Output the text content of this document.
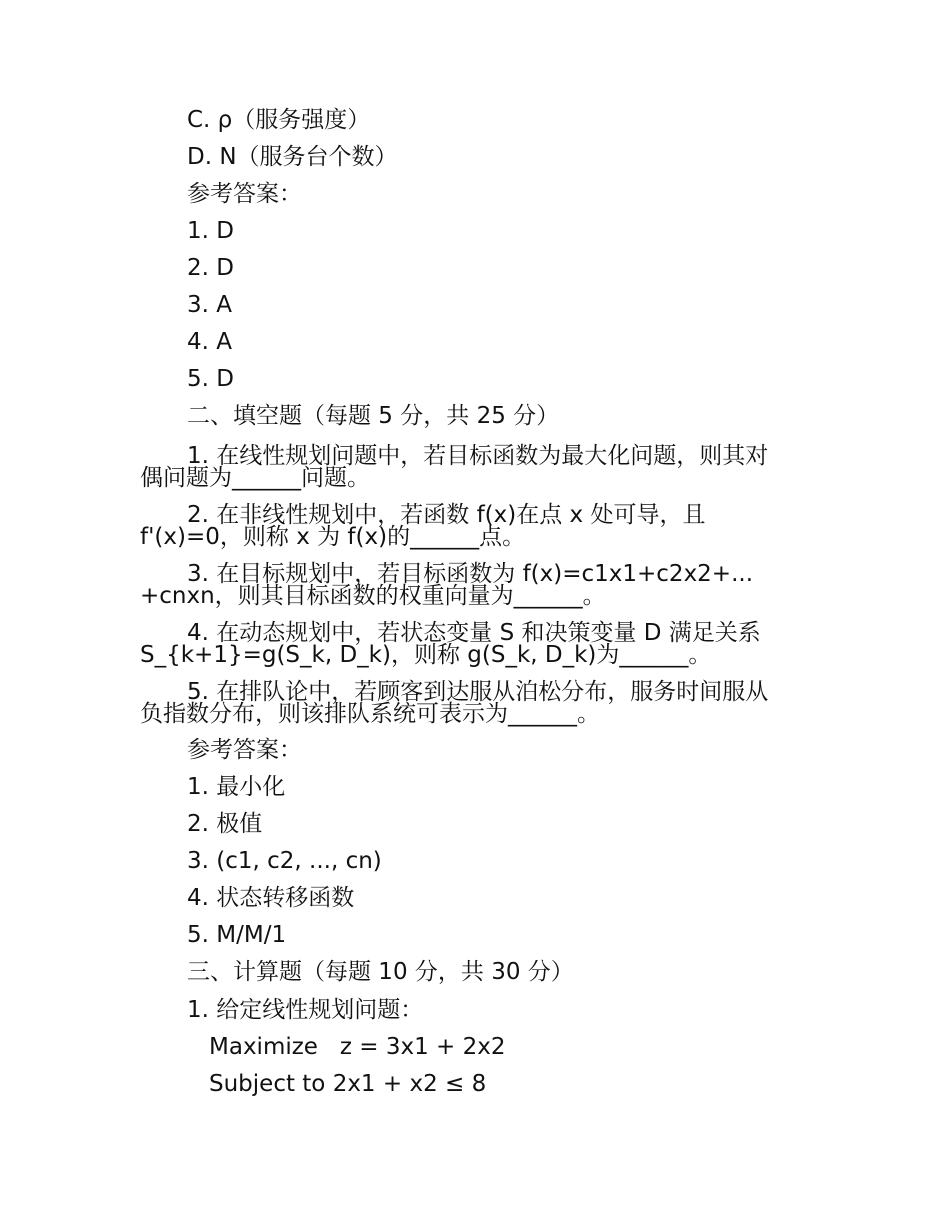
C. ρ（服务强度）
D. N（服务台个数）
参考答案：
1. D
2. D
3. A
4. A
5. D
二、填空题（每题 5 分，共 25 分）
1. 在线性规划问题中，若目标函数为最大化问题，则其对
偶问题为______问题。
2. 在非线性规划中，若函数 f(x)在点 x 处可导，且
f'(x)=0，则称 x 为 f(x)的______点。
3. 在目标规划中，若目标函数为 f(x)=c1x1+c2x2+...
+cnxn，则其目标函数的权重向量为______。
4. 在动态规划中，若状态变量 S 和决策变量 D 满足关系
S_{k+1}=g(S_k, D_k)，则称 g(S_k, D_k)为______。
5. 在排队论中，若顾客到达服从泊松分布，服务时间服从
负指数分布，则该排队系统可表示为______。
参考答案：
1. 最小化
2. 极值
3. (c1, c2, ..., cn)
4. 状态转移函数
5. M/M/1
三、计算题（每题 10 分，共 30 分）
1. 给定线性规划问题：
Maximize   z = 3x1 + 2x2
Subject to 2x1 + x2 ≤ 8
